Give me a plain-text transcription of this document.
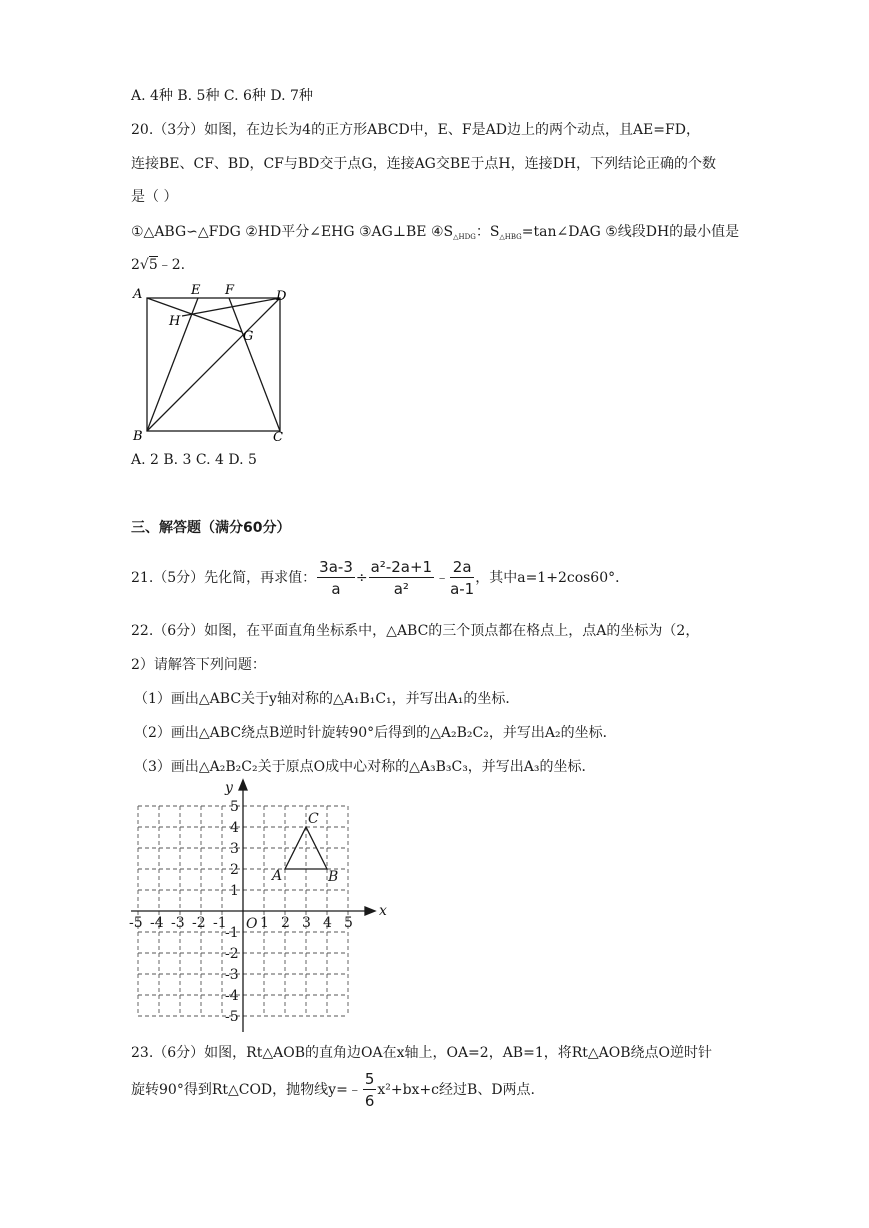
A. 4种 B. 5种 C. 6种 D. 7种
20.（3分）如图，在边长为4的正方形ABCD中，E、F是AD边上的两个动点，且AE=FD，
连接BE、CF、BD，CF与BD交于点G，连接AG交BE于点H，连接DH，下列结论正确的个数
是（ ）
①△ABG∽△FDG ②HD平分∠EHG ③AG⊥BE $④S_{\triangle HDG}$：$S_{\triangle HBG}=\tan\angle DAG$ ⑤线段DH的最小值是
2√5﹣2.
A	E F	D
H
G
B	C
A. 2 B. 3 C. 4 D. 5
三、解答题（满分60分）
21.（5分）先化简，再求值： $\frac{3a-3}{a} \div \frac{\text{a²-2a+1}}{\text{a²}}$ ﹣ $\frac{2a}{a-1}$ ，其中a=1+2cos60°．
22.（6分）如图，在平面直角坐标系中，△ABC的三个顶点都在格点上，点A的坐标为（2，
2）请解答下列问题：
（1）画出△ABC关于y轴对称的△A₁B₁C₁，并写出A₁的坐标．
（2）画出△ABC绕点B逆时针旋转90°后得到的△A₂B₂C₂，并写出A₂的坐标．
（3）画出△A₂B₂C₂关于原点O成中心对称的△A₃B₃C₃，并写出A₃的坐标．
x
y
O
A	B
C
-5 -4 -3 -2 -1 1 2 3 4 5
5
4
3
2
1
-1
-2
-3
-4
-5
23.（6分）如图，Rt△AOB的直角边OA在x轴上，OA=2，AB=1，将Rt△AOB绕点O逆时针
旋转90°得到Rt△COD，抛物线y=﹣ $\frac{5}{6} x^2+bx+c$经过B、D两点.
